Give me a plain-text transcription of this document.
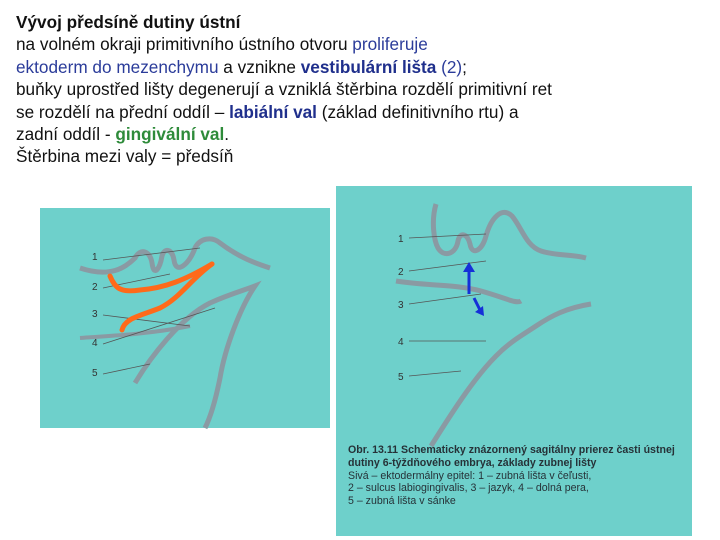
Vývoj předsíně dutiny ústní
na volném okraji primitivního ústního otvoru proliferuje
ektoderm do mezenchymu a vznikne vestibulární lišta (2);
buňky uprostřed lišty degenerují a vzniklá štěrbina rozdělí primitivní ret
se rozdělí na přední oddíl – labiální val (základ definitivního rtu) a
zadní oddíl - gingivální val.
Štěrbina mezi valy = předsíň
1
2
3
4
5
1
2
3
4
5
Obr. 13.11 Schematicky znázornený sagitálny prierez časti ústnej dutiny 6-týždňového embrya, základy zubnej lišty
Sivá – ektodermálny epitel: 1 – zubná lišta v čeľusti,
2 – sulcus labiogingivalis, 3 – jazyk, 4 – dolná pera,
5 – zubná lišta v sánke
